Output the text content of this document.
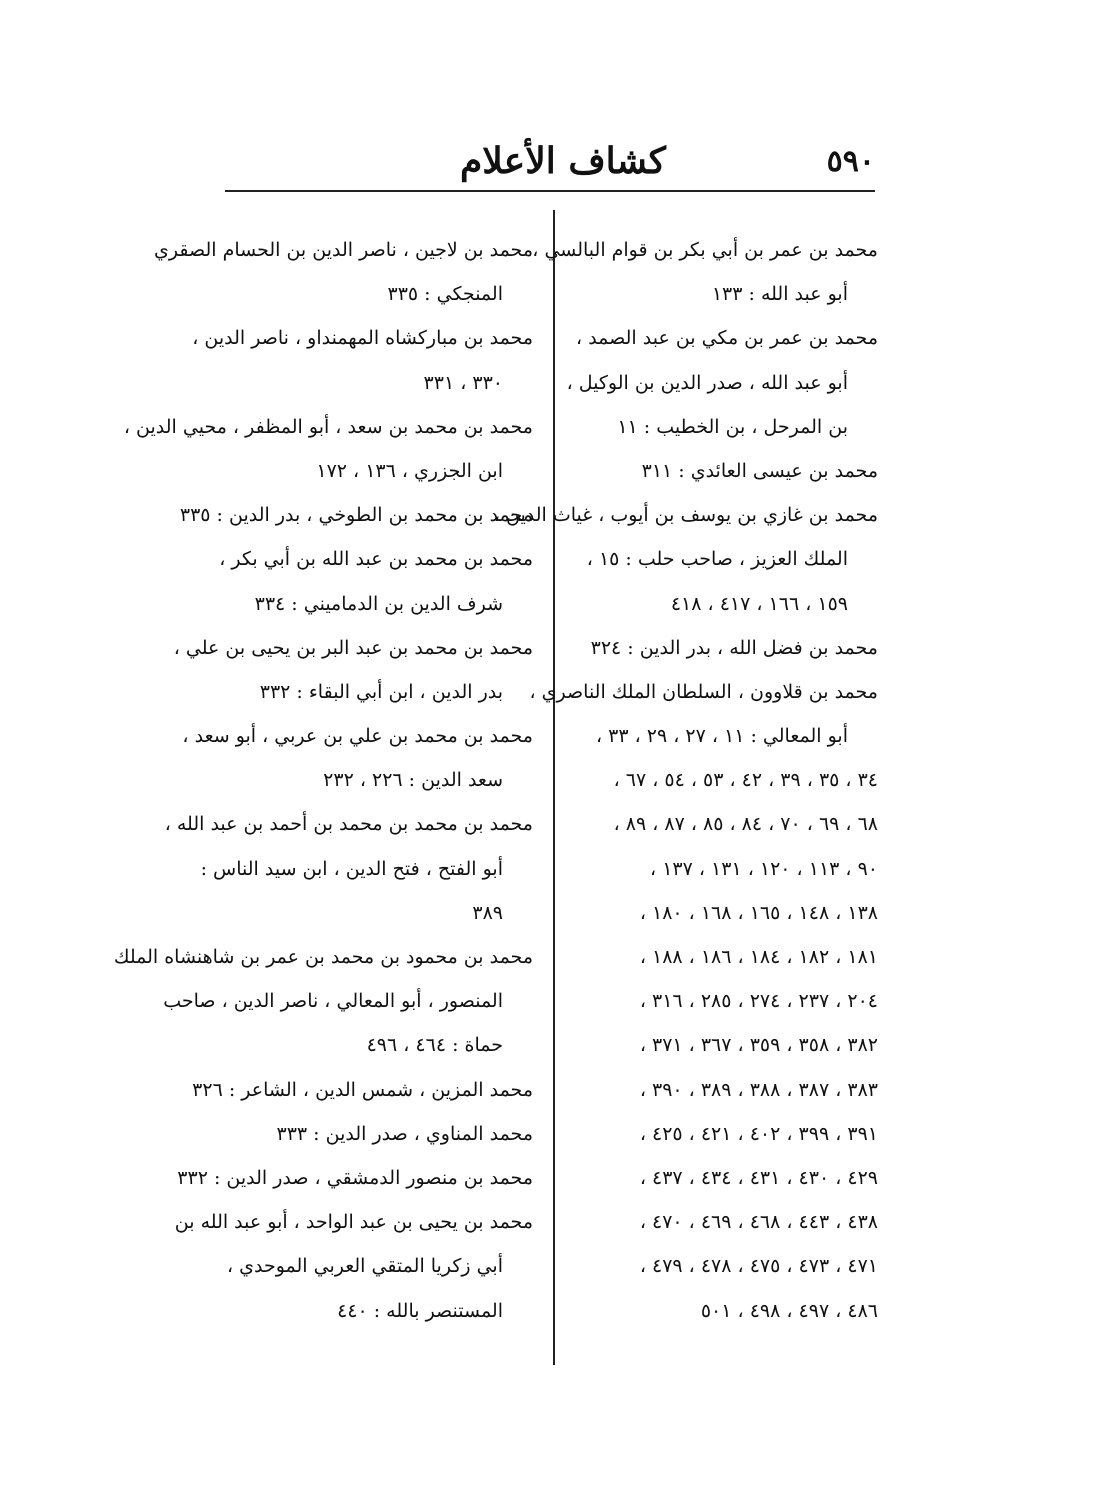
٥٩٠
كشاف الأعلام
محمد بن عمر بن أبي بكر بن قوام البالسي ،
أبو عبد الله : ١٣٣
محمد بن عمر بن مكي بن عبد الصمد ،
أبو عبد الله ، صدر الدين بن الوكيل ،
بن المرحل ، بن الخطيب : ١١
محمد بن عيسى العائدي : ٣١١
محمد بن غازي بن يوسف بن أيوب ، غياث الدين ،
الملك العزيز ، صاحب حلب : ١٥ ،
١٥٩ ، ١٦٦ ، ٤١٧ ، ٤١٨
محمد بن فضل الله ، بدر الدين : ٣٢٤
محمد بن قلاوون ، السلطان الملك الناصري ،
أبو المعالي : ١١ ، ٢٧ ، ٢٩ ، ٣٣ ،
٣٤ ، ٣٥ ، ٣٩ ، ٤٢ ، ٥٣ ، ٥٤ ، ٦٧ ،
٦٨ ، ٦٩ ، ٧٠ ، ٨٤ ، ٨٥ ، ٨٧ ، ٨٩ ،
٩٠ ، ١١٣ ، ١٢٠ ، ١٣١ ، ١٣٧ ،
١٣٨ ، ١٤٨ ، ١٦٥ ، ١٦٨ ، ١٨٠ ،
١٨١ ، ١٨٢ ، ١٨٤ ، ١٨٦ ، ١٨٨ ،
٢٠٤ ، ٢٣٧ ، ٢٧٤ ، ٢٨٥ ، ٣١٦ ،
٣٨٢ ، ٣٥٨ ، ٣٥٩ ، ٣٦٧ ، ٣٧١ ،
٣٨٣ ، ٣٨٧ ، ٣٨٨ ، ٣٨٩ ، ٣٩٠ ،
٣٩١ ، ٣٩٩ ، ٤٠٢ ، ٤٢١ ، ٤٢٥ ،
٤٢٩ ، ٤٣٠ ، ٤٣١ ، ٤٣٤ ، ٤٣٧ ،
٤٣٨ ، ٤٤٣ ، ٤٦٨ ، ٤٦٩ ، ٤٧٠ ،
٤٧١ ، ٤٧٣ ، ٤٧٥ ، ٤٧٨ ، ٤٧٩ ،
٤٨٦ ، ٤٩٧ ، ٤٩٨ ، ٥٠١
محمد بن لاجين ، ناصر الدين بن الحسام الصقري
المنجكي : ٣٣٥
محمد بن مباركشاه المهمنداو ، ناصر الدين ،
٣٣٠ ، ٣٣١
محمد بن محمد بن سعد ، أبو المظفر ، محيي الدين ،
ابن الجزري ، ١٣٦ ، ١٧٢
محمد بن محمد بن الطوخي ، بدر الدين : ٣٣٥
محمد بن محمد بن عبد الله بن أبي بكر ،
شرف الدين بن الدماميني : ٣٣٤
محمد بن محمد بن عبد البر بن يحيى بن علي ،
بدر الدين ، ابن أبي البقاء : ٣٣٢
محمد بن محمد بن علي بن عربي ، أبو سعد ،
سعد الدين : ٢٢٦ ، ٢٣٢
محمد بن محمد بن محمد بن أحمد بن عبد الله ،
أبو الفتح ، فتح الدين ، ابن سيد الناس :
٣٨٩
محمد بن محمود بن محمد بن عمر بن شاهنشاه الملك
المنصور ، أبو المعالي ، ناصر الدين ، صاحب
حماة : ٤٦٤ ، ٤٩٦
محمد المزين ، شمس الدين ، الشاعر : ٣٢٦
محمد المناوي ، صدر الدين : ٣٣٣
محمد بن منصور الدمشقي ، صدر الدين : ٣٣٢
محمد بن يحيى بن عبد الواحد ، أبو عبد الله بن
أبي زكريا المتقي العربي الموحدي ،
المستنصر بالله : ٤٤٠
